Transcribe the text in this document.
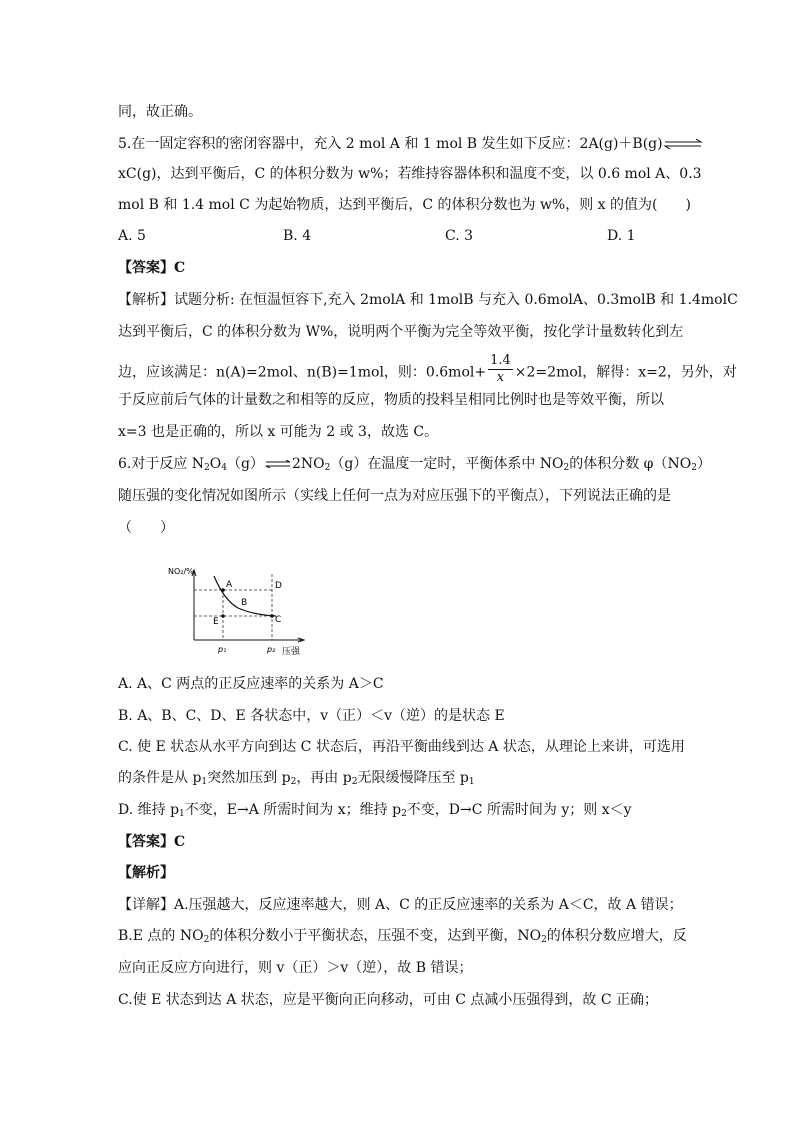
同，故正确。
5.在一固定容积的密闭容器中，充入 2 mol A 和 1 mol B 发生如下反应：2A(g)＋B(g)⇌
xC(g)，达到平衡后，C 的体积分数为 w%；若维持容器体积和温度不变，以 0.6 mol A、0.3
mol B 和 1.4 mol C 为起始物质，达到平衡后，C 的体积分数也为 w%，则 x 的值为(　　)
A. 5	B. 4	C. 3	D. 1
【答案】C
【解析】试题分析: 在恒温恒容下,充入 2molA 和 1molB 与充入 0.6molA、0.3molB 和 1.4molC
达到平衡后，C 的体积分数为 W%，说明两个平衡为完全等效平衡，按化学计量数转化到左
边，应该满足：n(A)=2mol、n(B)=1mol，则：$0.6mol+ \frac{1.4}{x} \times 2=2mol$，解得：x=2，另外，对
于反应前后气体的计量数之和相等的反应，物质的投料呈相同比例时也是等效平衡，所以
x=3 也是正确的，所以 x 可能为 2 或 3，故选 C。
6.对于反应 $N_2O_4(g)\rightleftharpoons 2NO_2(g)$在温度一定时，平衡体系中 $NO_2$的体积分数 $\varphi(NO_2)$
随压强的变化情况如图所示（实线上任何一点为对应压强下的平衡点），下列说法正确的是
（　　）
NO₂/%
A
B
C
D
E
p₁	p₂ 压强
A. A、C 两点的正反应速率的关系为 A＞C
B. A、B、C、D、E 各状态中，v（正）＜v（逆）的是状态 E
C. 使 E 状态从水平方向到达 C 状态后，再沿平衡曲线到达 A 状态，从理论上来讲，可选用
的条件是从 $p_1$突然加压到 $p_2$，再由 $p_2$无限缓慢降压至 $p_1$
D. 维持 $p_1$不变，E→A 所需时间为 x；维持 $p_2$不变，D→C 所需时间为 y；则 x＜y
【答案】C
【解析】
【详解】A.压强越大，反应速率越大，则 A、C 的正反应速率的关系为 A＜C，故 A 错误；
B.E 点的 $NO_2$的体积分数小于平衡状态，压强不变，达到平衡，$NO_2$的体积分数应增大，反
应向正反应方向进行，则 v（正）＞v（逆），故 B 错误；
C.使 E 状态到达 A 状态，应是平衡向正向移动，可由 C 点减小压强得到，故 C 正确；
